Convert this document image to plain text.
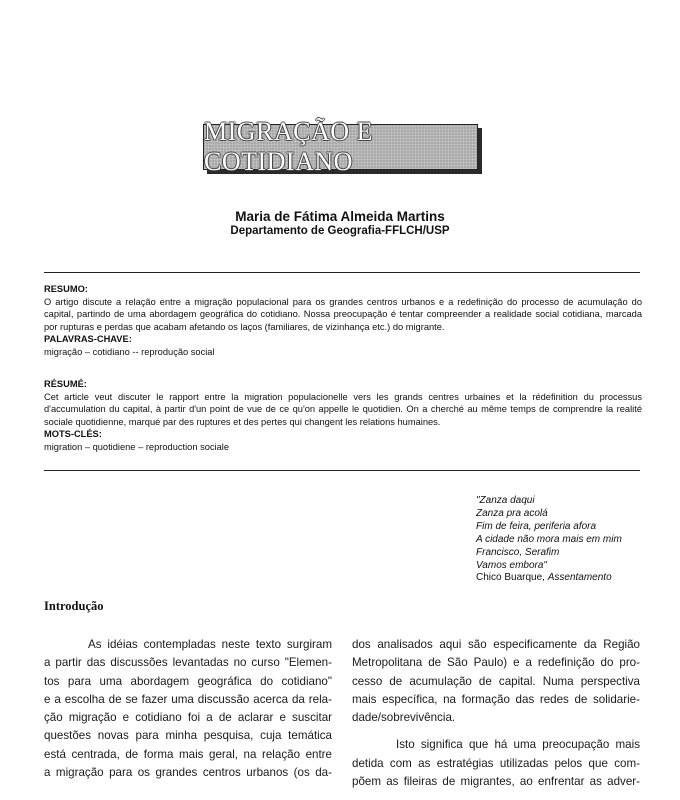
MIGRAÇÃO E COTIDIANO
Maria de Fátima Almeida Martins
Departamento de Geografia-FFLCH/USP
RESUMO:

O artigo discute a relação entre a migração populacional para os grandes centros urbanos e a redefinição do processo de acumulação do capital, partindo de uma abordagem geográfica do cotidiano. Nossa preocupação é tentar compreender a realidade social cotidiana, marcada por rupturas e perdas que acabam afetando os laços (familiares, de vizinhança etc.) do migrante.

PALAVRAS-CHAVE:
migração – cotidiano -- reprodução social
RÉSUMÉ:

Cet article veut discuter le rapport entre la migration populacionelle vers les grands centres urbaines et la rédefinition du processus d'accumulation du capital, à partir d'un point de vue de ce qu'on appelle le quotidien. On a cherché au même temps de comprendre la realité sociale quotidienne, marqué par des ruptures et des pertes qui changent les relations humaines.

MOTS-CLÉS:
migration – quotidiene – reproduction sociale
"Zanza daqui
Zanza pra acolá
Fim de feira, periferia afora
A cidade não mora mais em mim
Francisco, Serafim
Vamos embora"
Chico Buarque, Assentamento
Introdução
As idéias contempladas neste texto surgiram
a partir das discussões levantadas no curso "Elemen-
tos para uma abordagem geográfica do cotidiano"
e a escolha de se fazer uma discussão acerca da rela-
ção migração e cotidiano foi a de aclarar e suscitar
questões novas para minha pesquisa, cuja temática
está centrada, de forma mais geral, na relação entre
a migração para os grandes centros urbanos (os da-
dos analisados aqui são especificamente da Região
Metropolitana de São Paulo) e a redefinição do pro-
cesso de acumulação de capital. Numa perspectiva
mais específica, na formação das redes de solidarie-
dade/sobrevivência.
Isto significa que há uma preocupação mais
detida com as estratégias utilizadas pelos que com-
põem as fileiras de migrantes, ao enfrentar as adver-
